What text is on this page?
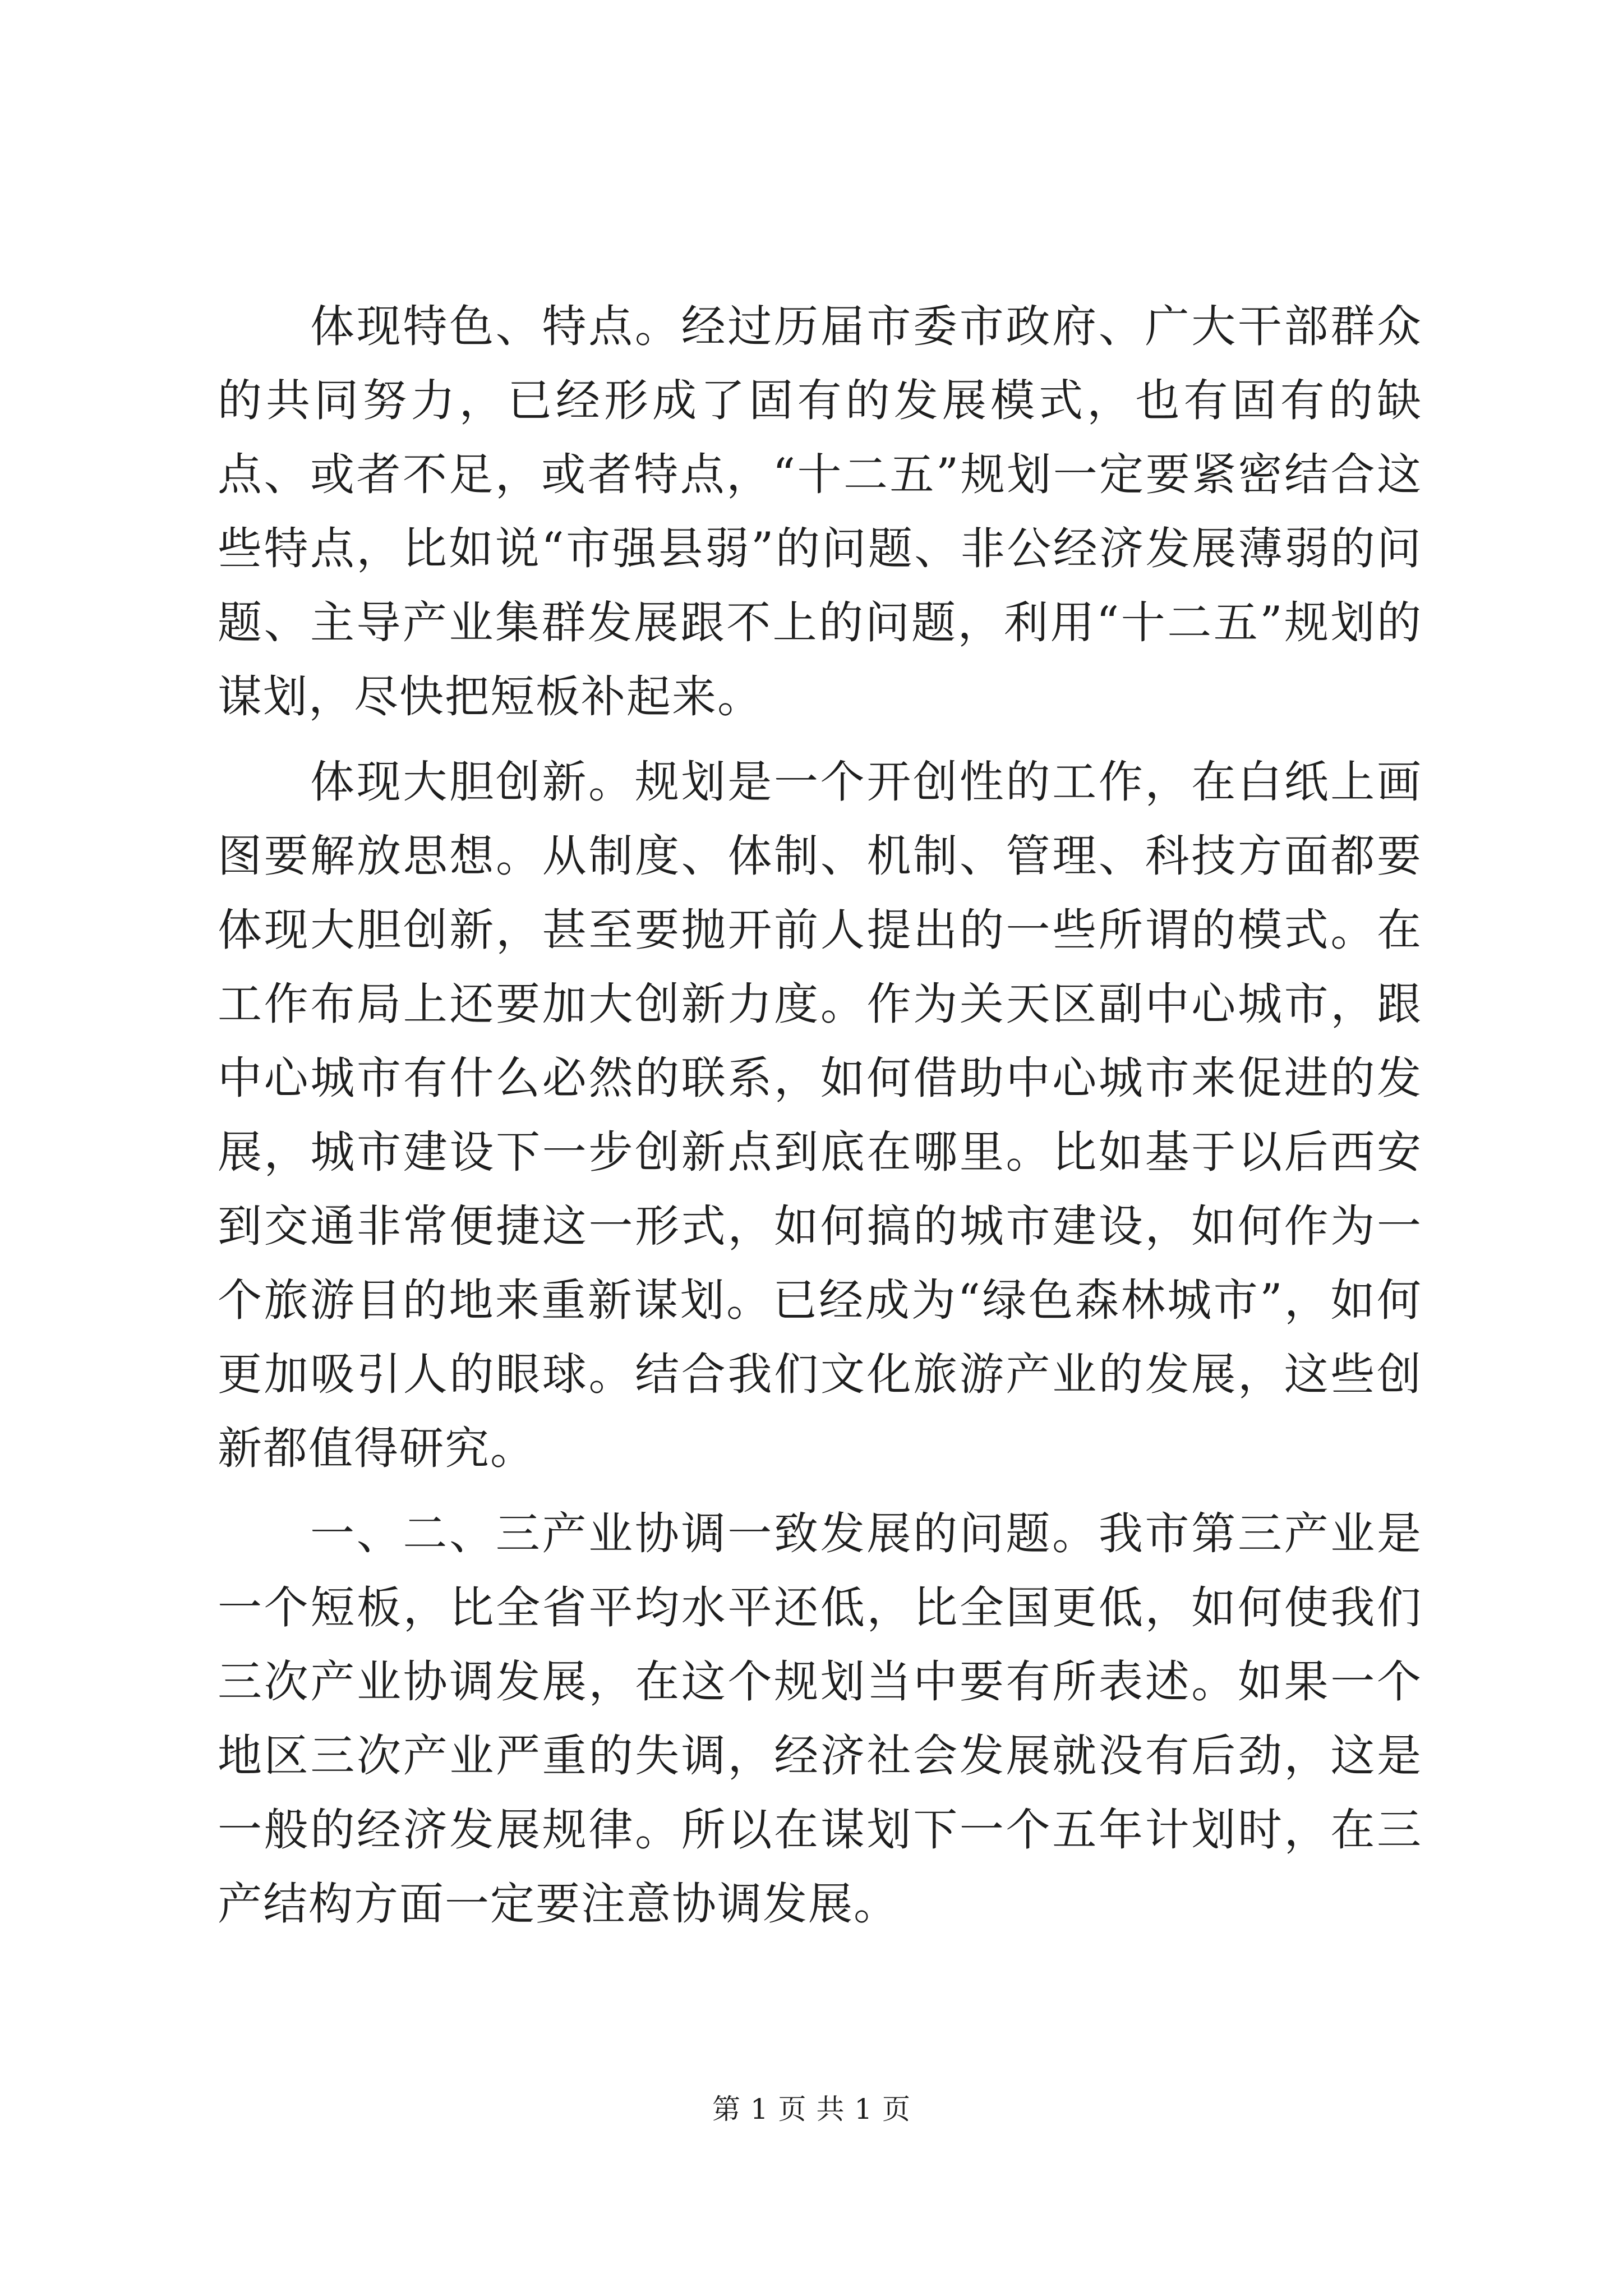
体现特色、特点。经过历届市委市政府、广大干部群众的共同努力，已经形成了固有的发展模式，也有固有的缺点、或者不足，或者特点，“十二五”规划一定要紧密结合这些特点，比如说“市强县弱”的问题、非公经济发展薄弱的问题、主导产业集群发展跟不上的问题，利用“十二五”规划的谋划，尽快把短板补起来。

体现大胆创新。规划是一个开创性的工作，在白纸上画图要解放思想。从制度、体制、机制、管理、科技方面都要体现大胆创新，甚至要抛开前人提出的一些所谓的模式。在工作布局上还要加大创新力度。作为关天区副中心城市，跟中心城市有什么必然的联系，如何借助中心城市来促进的发展，城市建设下一步创新点到底在哪里。比如基于以后西安到交通非常便捷这一形式，如何搞的城市建设，如何作为一个旅游目的地来重新谋划。已经成为“绿色森林城市”，如何更加吸引人的眼球。结合我们文化旅游产业的发展，这些创新都值得研究。

一、二、三产业协调一致发展的问题。我市第三产业是一个短板，比全省平均水平还低，比全国更低，如何使我们三次产业协调发展，在这个规划当中要有所表述。如果一个地区三次产业严重的失调，经济社会发展就没有后劲，这是一般的经济发展规律。所以在谋划下一个五年计划时，在三产结构方面一定要注意协调发展。

第 1 页 共 1 页
